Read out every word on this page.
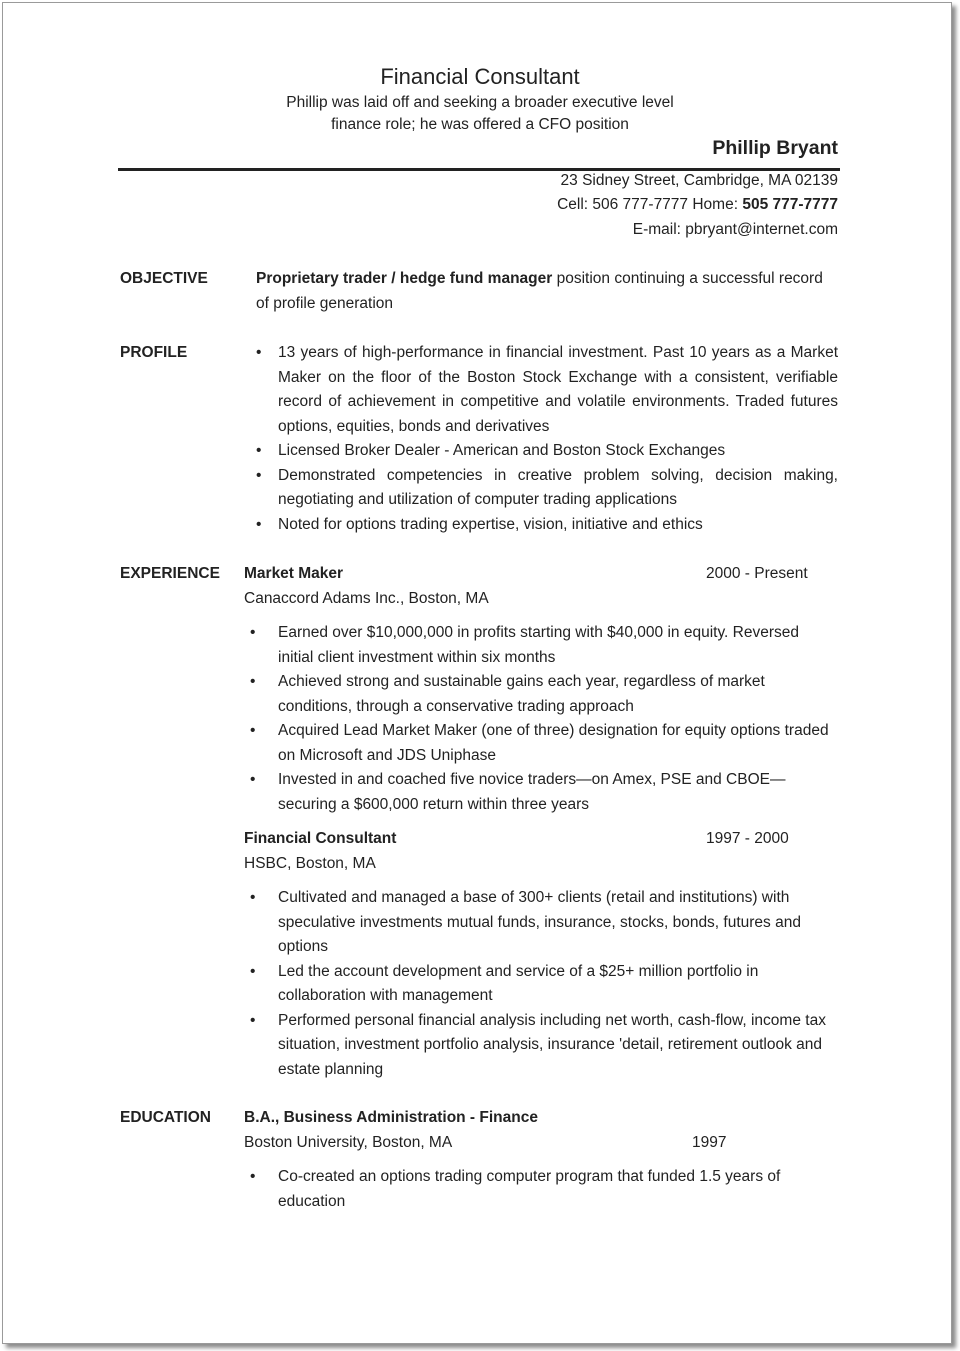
Financial Consultant
Phillip was laid off and seeking a broader executive level
finance role; he was offered a CFO position
Phillip Bryant
23 Sidney Street, Cambridge, MA 02139
Cell: 506 777-7777 Home: 505 777-7777
E-mail: pbryant@internet.com
OBJECTIVE	Proprietary trader / hedge fund manager position continuing a successful record of profile generation
PROFILE	• 13 years of high-performance in financial investment. Past 10 years as a Market Maker on the floor of the Boston Stock Exchange with a consistent, verifiable record of achievement in competitive and volatile environments. Traded futures options, equities, bonds and derivatives
• Licensed Broker Dealer - American and Boston Stock Exchanges
• Demonstrated competencies in creative problem solving, decision making, negotiating and utilization of computer trading applications
• Noted for options trading expertise, vision, initiative and ethics
EXPERIENCE Market Maker	2000 - Present
Canaccord Adams Inc., Boston, MA
• Earned over $10,000,000 in profits starting with $40,000 in equity. Reversed initial client investment within six months
• Achieved strong and sustainable gains each year, regardless of market conditions, through a conservative trading approach
• Acquired Lead Market Maker (one of three) designation for equity options traded on Microsoft and JDS Uniphase
• Invested in and coached five novice traders—on Amex, PSE and CBOE— securing a $600,000 return within three years
Financial Consultant	1997 - 2000
HSBC, Boston, MA
• Cultivated and managed a base of 300+ clients (retail and institutions) with speculative investments mutual funds, insurance, stocks, bonds, futures and options
• Led the account development and service of a $25+ million portfolio in collaboration with management
• Performed personal financial analysis including net worth, cash-flow, income tax situation, investment portfolio analysis, insurance 'detail, retirement outlook and estate planning
EDUCATION B.A., Business Administration - Finance
Boston University, Boston, MA	1997
• Co-created an options trading computer program that funded 1.5 years of education
